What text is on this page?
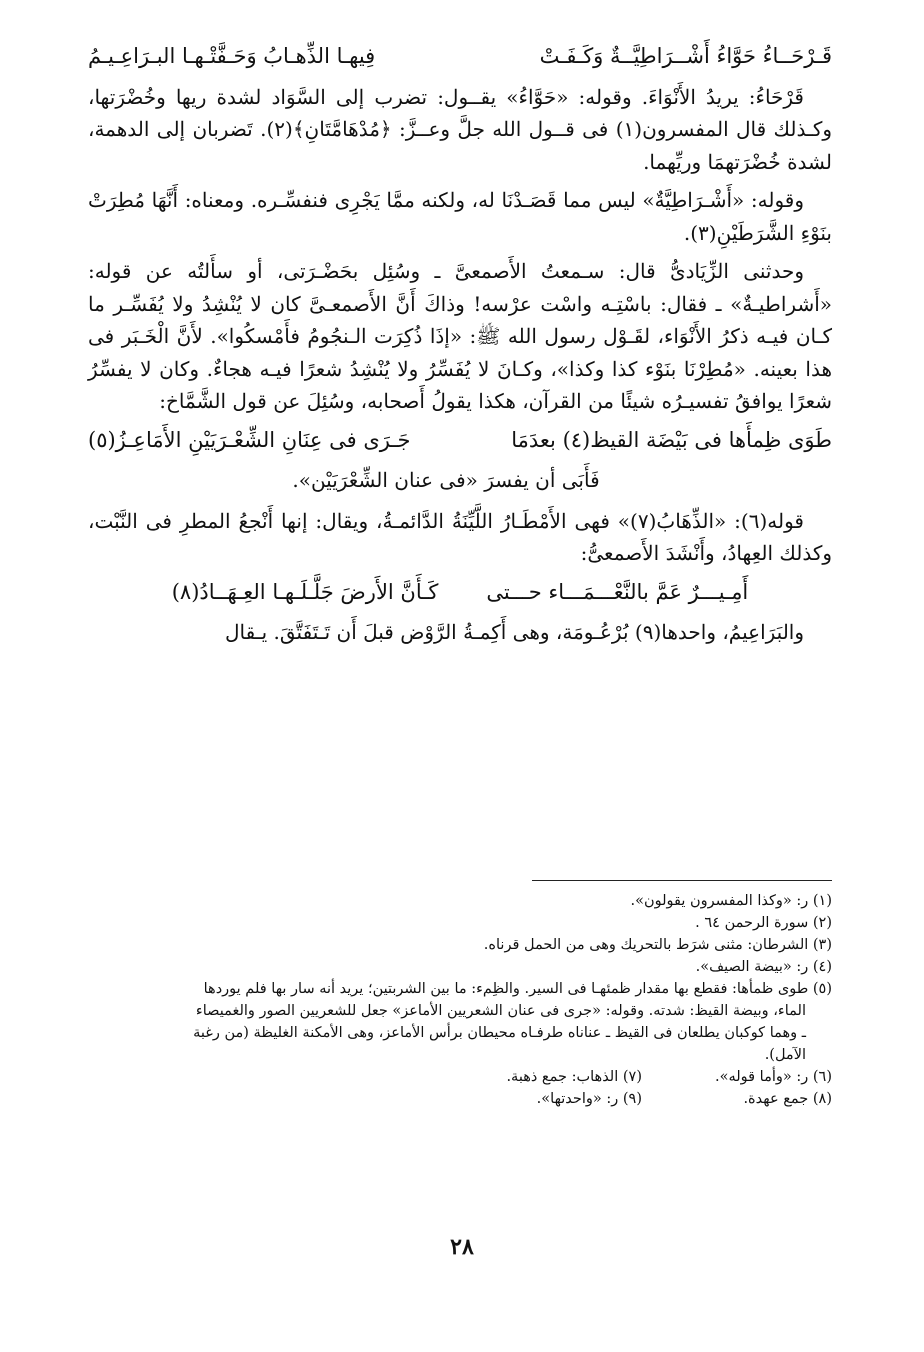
قَـرْحَــاءُ حَوَّاءُ أَشْــرَاطِيَّــةٌ وَكَـفَـتْ
فِيهـا الذِّهـابُ وَحَـفَّتْـهـا البـرَاعِـيـمُ

قَرْحَاءُ: يريدُ الأَنْوَاءَ. وقوله: «حَوَّاءُ» يقــول: تضرب إلى السَّوَاد لشدة ريها وخُضْرَتها، وكـذلك قال المفسرون(١) فى قــول الله جلَّ وعــزَّ: ﴿مُدْهَامَّتَانِ﴾(٢). تَضربان إلى الدهمة، لشدة خُضْرَتهمَا وريِّهما.

وقوله: «أَشْـرَاطِيَّةٌ» ليس مما قَصَـدْنَا له، ولكنه ممَّا يَجْرِى فنفسِّـره. ومعناه: أَنَّهَا مُطِرَتْ بنَوْءِ الشَّرَطَيْنِ(٣).

وحدثنى الزِّيَادىُّ قال: سـمعتُ الأَصمعىَّ ـ وسُئِل بحَضْـرَتى، أو سأَلتُه عن قوله: «أَشراطيـةٌ» ـ فقال: باسْتِـه واسْت عرْسه! وذاكَ أَنَّ الأَصمعـىَّ كان لا يُنْشِدُ ولا يُفَسِّـر ما كـان فيـه ذكرُ الأَنْوَاء، لقَـوْل رسول الله ﷺ: «إذَا ذُكِرَت الـنجُومُ فأَمْسكُوا». لأَنَّ الْخَـبَر فى هذا بعينه. «مُطِرْنَا بنَوْء كذا وكذا»، وكـانَ لا يُفَسِّرُ ولا يُنْشِدُ شعرًا فيـه هجاءٌ. وكان لا يفسِّرُ شعرًا يوافقُ تفسيـرُه شيئًا من القرآن، هكذا يقولُ أَصحابه، وسُئِلَ عن قول الشَّمَّاخ:

طَوَى ظِمأَها فى بَيْضَة القيظ(٤) بعدَمَا
جَـرَى فى عِنَانِ الشِّعْـرَيَيْنِ الأَمَاعِـزُ(٥)

فَأَبَى أن يفسرَ «فى عنان الشِّعْرَيَيْن».

قوله(٦): «الذِّهَابُ(٧)» فهى الأَمْطَـارُ اللَّيِّنَةُ الدَّائمـةُ، ويقال: إنها أَنْجعُ المطرِ فى النَّبْت، وكذلك العِهادُ، وأَنْشَدَ الأَصمعىُّ:

أَمِـيـــرٌ عَمَّ بالنَّعْـــمَـــاء حـــتى
كَـأَنَّ الأَرضَ جَلَّـلَـهـا العِـهَــادُ(٨)

والبَرَاعِيمُ، واحدها(٩) بُرْعُـومَة، وهى أَكِمـةُ الرَّوْض قبلَ أَن تَـتَفَتَّقَ. يـقال

(١) ر: «وكذا المفسرون يقولون».

(٢) سورة الرحمن ٦٤ .

(٣) الشرطان: مثنى شرَط بالتحريك وهى من الحمل قرناه.

(٤) ر: «بيضة الصيف».

(٥) طوى ظمأها: فقطع بها مقدار ظمئهـا فى السير. والظِمء: ما بين الشربتين؛ يريد أنه سار بها فلم يوردها

الماء، وبيضة القيظ: شدته. وقوله: «جرى فى عنان الشعريين الأماعز» جعل للشعريين الصور والغميصاء

ـ وهما كوكبان يطلعان فى القيظ ـ عناناه طرفـاه محيطان برأس الأماعز، وهى الأمكنة الغليظة (من رغبة

الآمل).

(٦) ر: «وأما قوله».

(٧) الذهاب: جمع ذهبة.

(٨) جمع عهدة.

(٩) ر: «واحدتها».

٢٨
